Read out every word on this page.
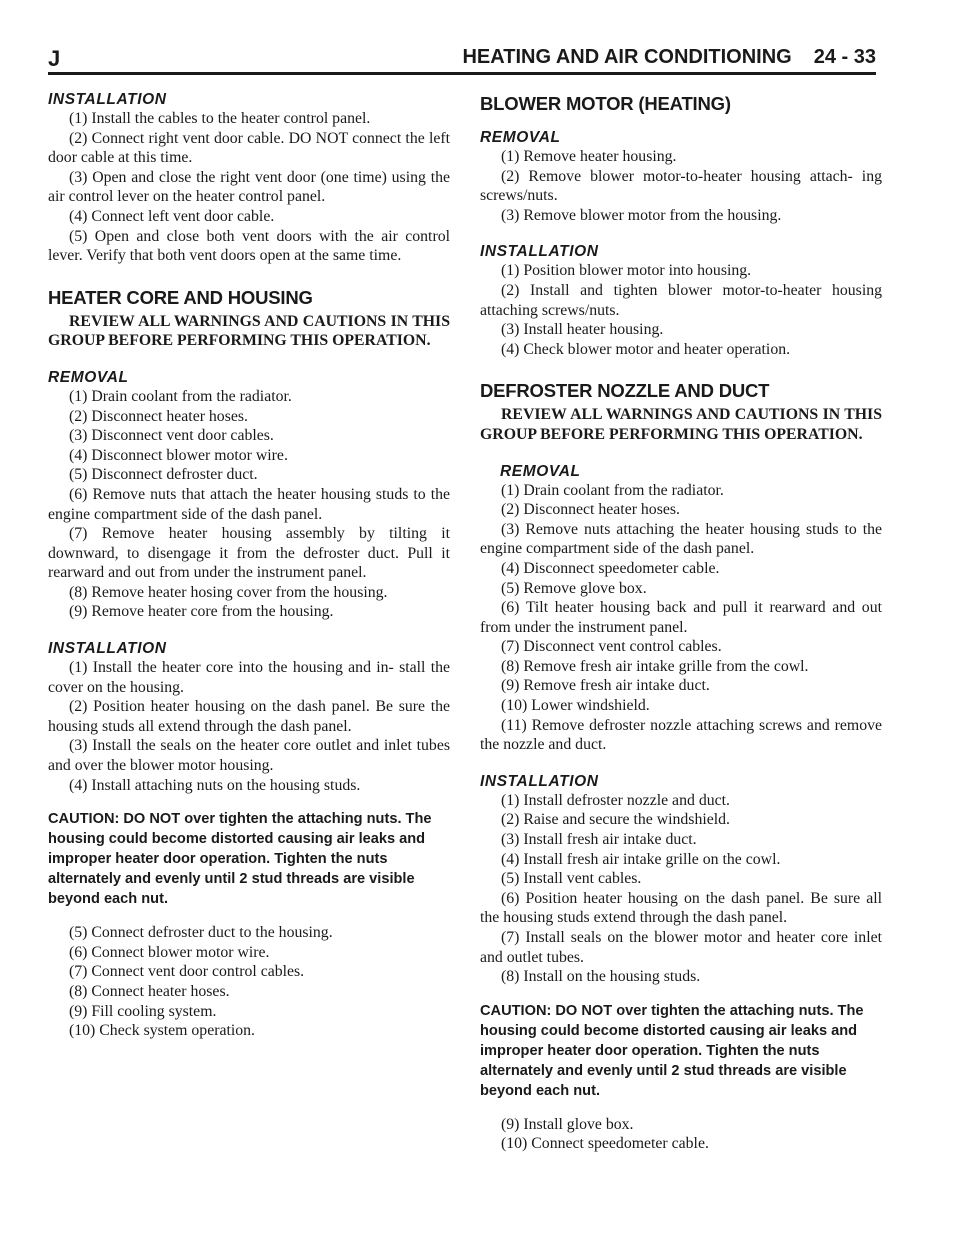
J	HEATING AND AIR CONDITIONING 24 - 33
INSTALLATION

(1) Install the cables to the heater control panel.

(2) Connect right vent door cable. DO NOT connect the left door cable at this time.

(3) Open and close the right vent door (one time) using the air control lever on the heater control panel.

(4) Connect left vent door cable.

(5) Open and close both vent doors with the air control lever. Verify that both vent doors open at the same time.

HEATER CORE AND HOUSING

REVIEW ALL WARNINGS AND CAUTIONS IN THIS GROUP BEFORE PERFORMING THIS OPERATION.

REMOVAL

(1) Drain coolant from the radiator.

(2) Disconnect heater hoses.

(3) Disconnect vent door cables.

(4) Disconnect blower motor wire.

(5) Disconnect defroster duct.

(6) Remove nuts that attach the heater housing studs to the engine compartment side of the dash panel.

(7) Remove heater housing assembly by tilting it downward, to disengage it from the defroster duct. Pull it rearward and out from under the instrument panel.

(8) Remove heater hosing cover from the housing.

(9) Remove heater core from the housing.

INSTALLATION

(1) Install the heater core into the housing and in- stall the cover on the housing.

(2) Position heater housing on the dash panel. Be sure the housing studs all extend through the dash panel.

(3) Install the seals on the heater core outlet and inlet tubes and over the blower motor housing.

(4) Install attaching nuts on the housing studs.

CAUTION: DO NOT over tighten the attaching nuts. The housing could become distorted causing air leaks and improper heater door operation. Tighten the nuts alternately and evenly until 2 stud threads are visible beyond each nut.

(5) Connect defroster duct to the housing.

(6) Connect blower motor wire.

(7) Connect vent door control cables.

(8) Connect heater hoses.

(9) Fill cooling system.

(10) Check system operation.

BLOWER MOTOR (HEATING)
REMOVAL

(1) Remove heater housing.

(2) Remove blower motor-to-heater housing attach- ing screws/nuts.

(3) Remove blower motor from the housing.

INSTALLATION

(1) Position blower motor into housing.

(2) Install and tighten blower motor-to-heater housing attaching screws/nuts.

(3) Install heater housing.

(4) Check blower motor and heater operation.

DEFROSTER NOZZLE AND DUCT

REVIEW ALL WARNINGS AND CAUTIONS IN THIS GROUP BEFORE PERFORMING THIS OPERATION.

REMOVAL

(1) Drain coolant from the radiator.

(2) Disconnect heater hoses.

(3) Remove nuts attaching the heater housing studs to the engine compartment side of the dash panel.

(4) Disconnect speedometer cable.

(5) Remove glove box.

(6) Tilt heater housing back and pull it rearward and out from under the instrument panel.

(7) Disconnect vent control cables.

(8) Remove fresh air intake grille from the cowl.

(9) Remove fresh air intake duct.

(10) Lower windshield.

(11) Remove defroster nozzle attaching screws and remove the nozzle and duct.

INSTALLATION

(1) Install defroster nozzle and duct.

(2) Raise and secure the windshield.

(3) Install fresh air intake duct.

(4) Install fresh air intake grille on the cowl.

(5) Install vent cables.

(6) Position heater housing on the dash panel. Be sure all the housing studs extend through the dash panel.

(7) Install seals on the blower motor and heater core inlet and outlet tubes.

(8) Install on the housing studs.

CAUTION: DO NOT over tighten the attaching nuts. The housing could become distorted causing air leaks and improper heater door operation. Tighten the nuts alternately and evenly until 2 stud threads are visible beyond each nut.

(9) Install glove box.

(10) Connect speedometer cable.
